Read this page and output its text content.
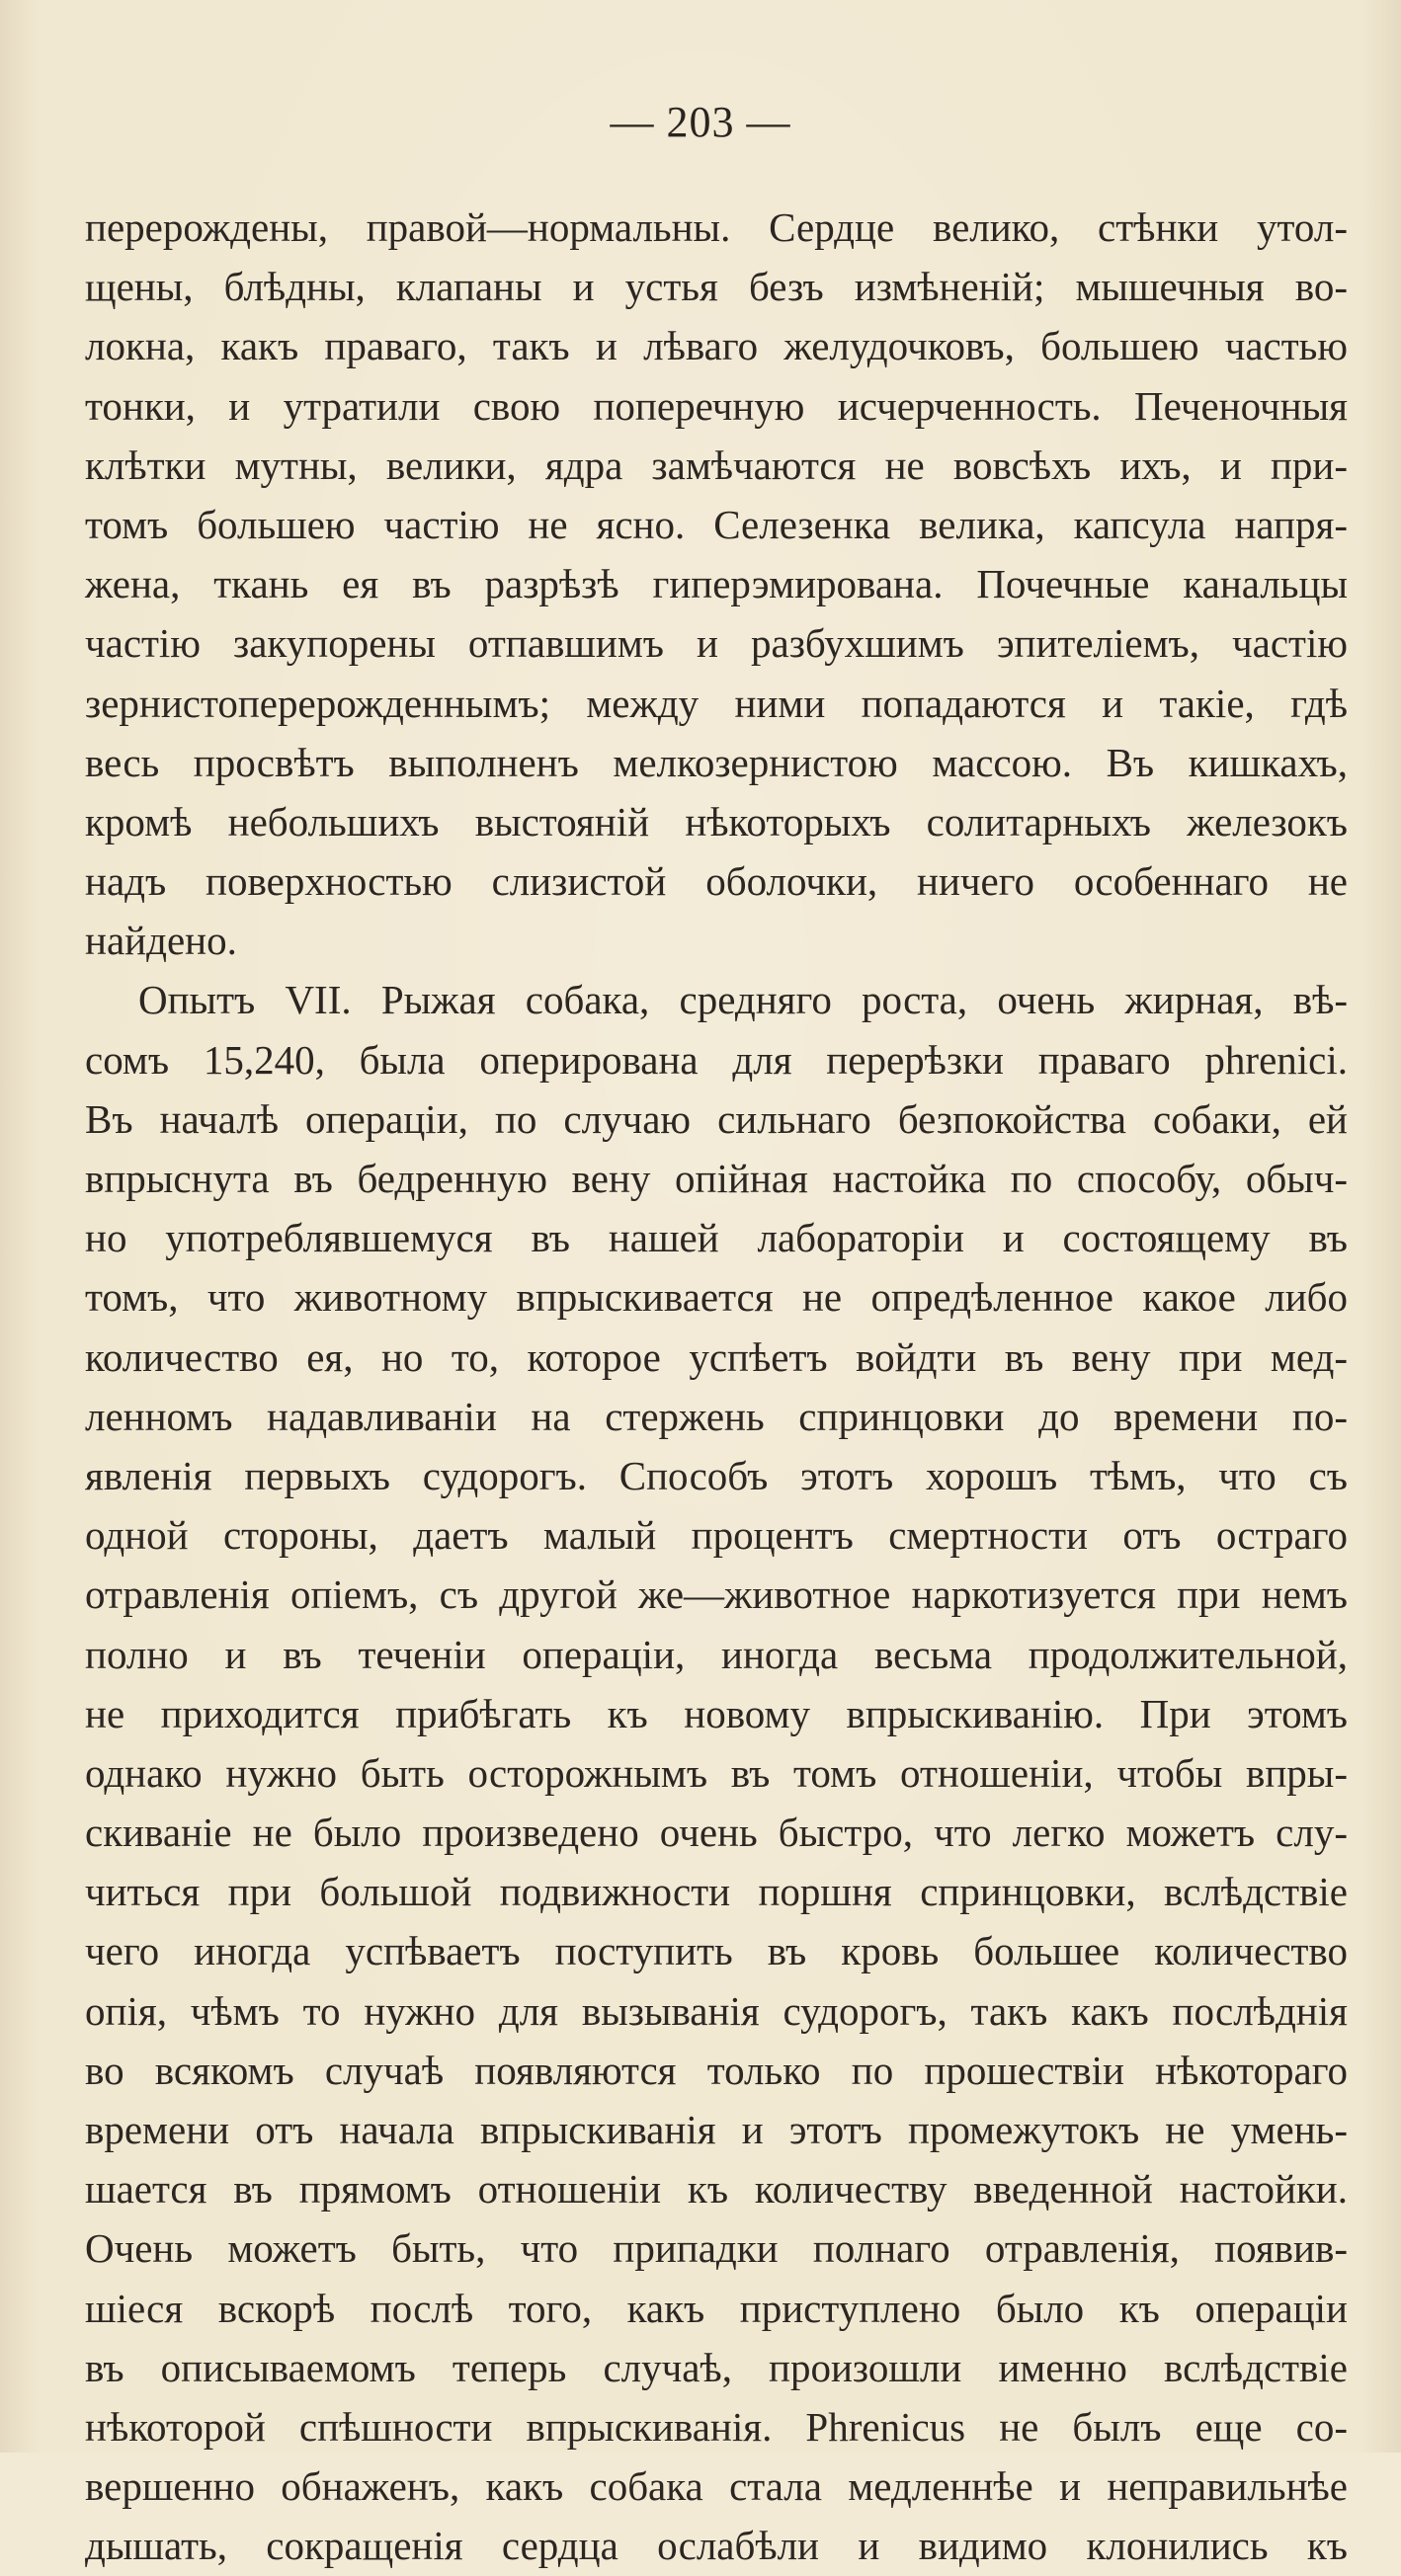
— 203 —

перерождены, правой—нормальны. Сердце велико, стѣнки утол-
щены, блѣдны, клапаны и устья безъ измѣненій; мышечныя во-
локна, какъ праваго, такъ и лѣваго желудочковъ, большею частью
тонки, и утратили свою поперечную исчерченность. Печеночныя
клѣтки мутны, велики, ядра замѣчаются не вовсѣхъ ихъ, и при-
томъ большею частію не ясно. Селезенка велика, капсула напря-
жена, ткань ея въ разрѣзѣ гиперэмирована. Почечные канальцы
частію закупорены отпавшимъ и разбухшимъ эпителіемъ, частію
зернистоперерожденнымъ; между ними попадаются и такіе, гдѣ
весь просвѣтъ выполненъ мелкозернистою массою. Въ кишкахъ,
кромѣ небольшихъ выстояній нѣкоторыхъ солитарныхъ железокъ
надъ поверхностью слизистой оболочки, ничего особеннаго не
найдено.
Опытъ VII. Рыжая собака, средняго роста, очень жирная, вѣ-
сомъ 15,240, была оперирована для перерѣзки праваго phrenici.
Въ началѣ операціи, по случаю сильнаго безпокойства собаки, ей
впрыснута въ бедренную вену опійная настойка по способу, обыч-
но употреблявшемуся въ нашей лабораторіи и состоящему въ
томъ, что животному впрыскивается не опредѣленное какое либо
количество ея, но то, которое успѣетъ войдти въ вену при мед-
ленномъ надавливаніи на стержень спринцовки до времени по-
явленія первыхъ судорогъ. Способъ этотъ хорошъ тѣмъ, что съ
одной стороны, даетъ малый процентъ смертности отъ остраго
отравленія опіемъ, съ другой же—животное наркотизуется при немъ
полно и въ теченіи операціи, иногда весьма продолжительной,
не приходится прибѣгать къ новому впрыскиванію. При этомъ
однако нужно быть осторожнымъ въ томъ отношеніи, чтобы впры-
скиваніе не было произведено очень быстро, что легко можетъ слу-
читься при большой подвижности поршня спринцовки, вслѣдствіе
чего иногда успѣваетъ поступить въ кровь большее количество
опія, чѣмъ то нужно для вызыванія судорогъ, такъ какъ послѣднія
во всякомъ случаѣ появляются только по прошествіи нѣкотораго
времени отъ начала впрыскиванія и этотъ промежутокъ не умень-
шается въ прямомъ отношеніи къ количеству введенной настойки.
Очень можетъ быть, что припадки полнаго отравленія, появив-
шіеся вскорѣ послѣ того, какъ приступлено было къ операціи
въ описываемомъ теперь случаѣ, произошли именно вслѣдствіе
нѣкоторой спѣшности впрыскиванія. Phrenicus не былъ еще со-
вершенно обнаженъ, какъ собака стала медленнѣе и неправильнѣе
дышать, сокращенія сердца ослабѣли и видимо клонились къ
